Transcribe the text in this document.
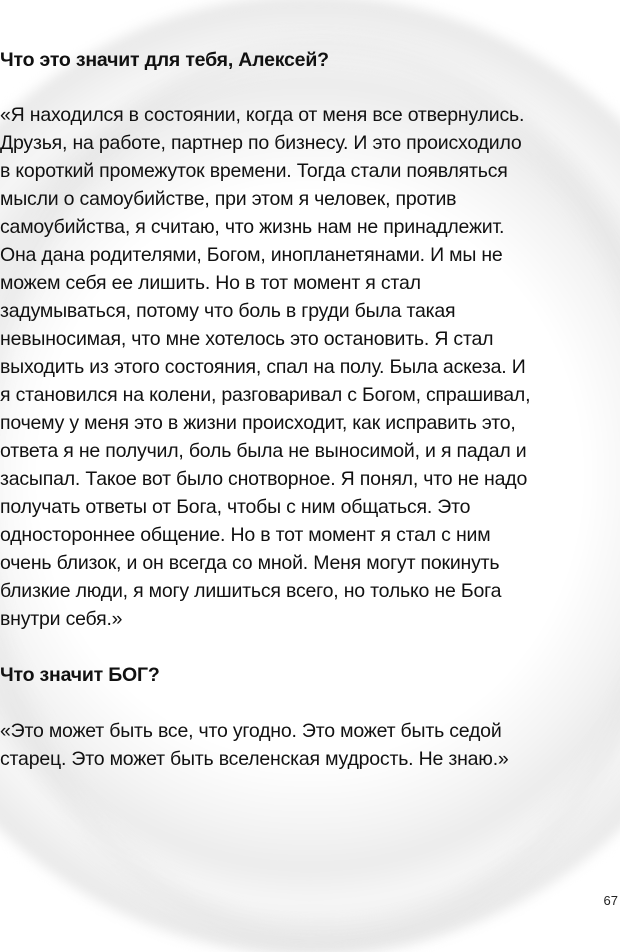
Что это значит для тебя, Алексей?

«Я находился в состоянии, когда от меня все отвернулись.
Друзья, на работе, партнер по бизнесу. И это происходило
в короткий промежуток времени. Тогда стали появляться
мысли о самоубийстве, при этом я человек, против
самоубийства, я считаю, что жизнь нам не принадлежит.
Она дана родителями, Богом, инопланетянами. И мы не
можем себя ее лишить. Но в тот момент я стал
задумываться, потому что боль в груди была такая
невыносимая, что мне хотелось это остановить. Я стал
выходить из этого состояния, спал на полу. Была аскеза. И
я становился на колени, разговаривал с Богом, спрашивал,
почему у меня это в жизни происходит, как исправить это,
ответа я не получил, боль была не выносимой, и я падал и
засыпал. Такое вот было снотворное. Я понял, что не надо
получать ответы от Бога, чтобы с ним общаться. Это
одностороннее общение. Но в тот момент я стал с ним
очень близок, и он всегда со мной. Меня могут покинуть
близкие люди, я могу лишиться всего, но только не Бога
внутри себя.»

Что значит БОГ?

«Это может быть все, что угодно. Это может быть седой
старец. Это может быть вселенская мудрость. Не знаю.»

67
